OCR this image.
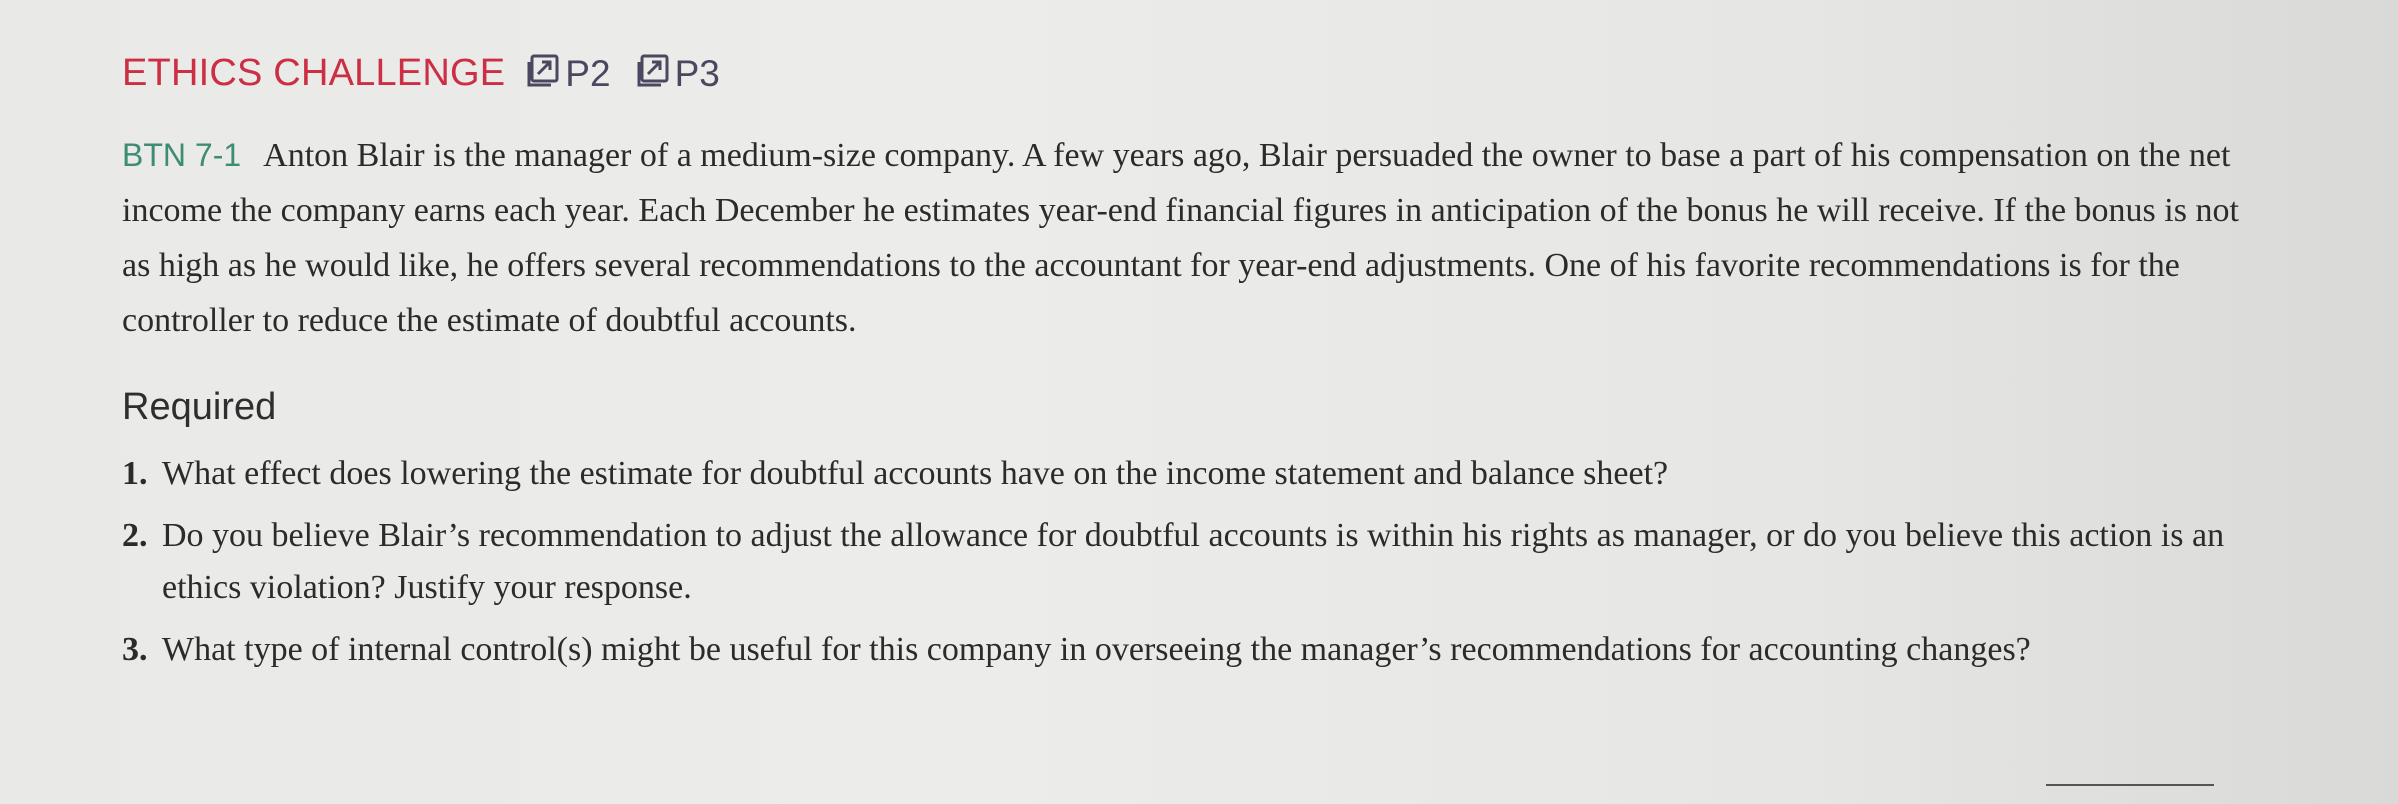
ETHICS CHALLENGE P2 P3
BTN 7-1 Anton Blair is the manager of a medium-size company. A few years ago, Blair persuaded the owner to base a part of his compensation on the net income the company earns each year. Each December he estimates year-end financial figures in anticipation of the bonus he will receive. If the bonus is not as high as he would like, he offers several recommendations to the accountant for year-end adjustments. One of his favorite recommendations is for the controller to reduce the estimate of doubtful accounts.
Required
1. What effect does lowering the estimate for doubtful accounts have on the income statement and balance sheet?
2. Do you believe Blair’s recommendation to adjust the allowance for doubtful accounts is within his rights as manager, or do you believe this action is an ethics violation? Justify your response.
3. What type of internal control(s) might be useful for this company in overseeing the manager’s recommendations for accounting changes?
